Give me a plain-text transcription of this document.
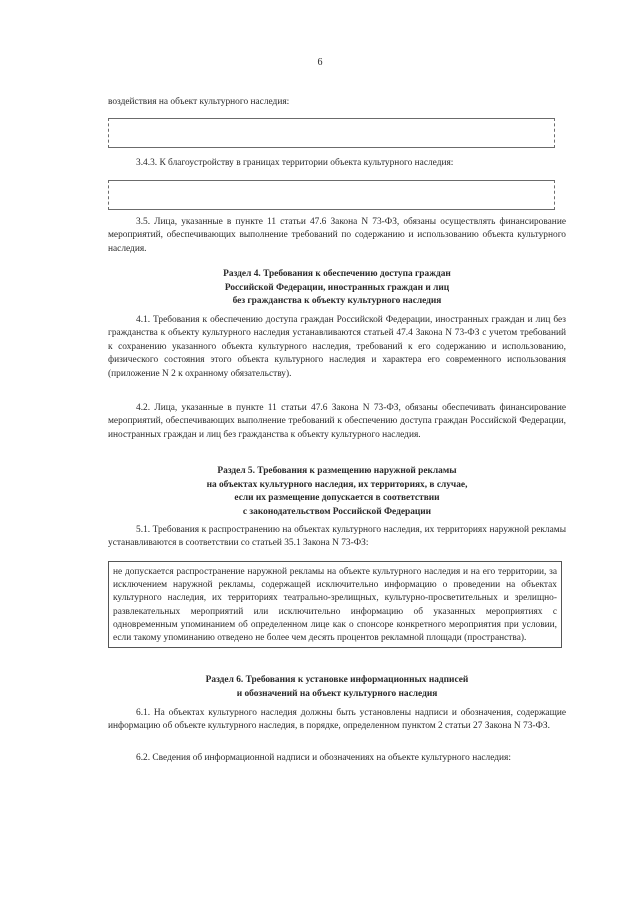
6
воздействия на объект культурного наследия:
3.4.3. К благоустройству в границах территории объекта культурного наследия:

3.5. Лица, указанные в пункте 11 статьи 47.6 Закона N 73-ФЗ, обязаны осуществлять финансирование мероприятий, обеспечивающих выполнение требований по содержанию и использованию объекта культурного наследия.

Раздел 4. Требования к обеспечению доступа граждан
Российской Федерации, иностранных граждан и лиц
без гражданства к объекту культурного наследия

4.1. Требования к обеспечению доступа граждан Российской Федерации, иностранных граждан и лиц без гражданства к объекту культурного наследия устанавливаются статьей 47.4 Закона N 73-ФЗ с учетом требований к сохранению указанного объекта культурного наследия, требований к его содержанию и использованию, физического состояния этого объекта культурного наследия и характера его современного использования (приложение N 2 к охранному обязательству).

4.2. Лица, указанные в пункте 11 статьи 47.6 Закона N 73-ФЗ, обязаны обеспечивать финансирование мероприятий, обеспечивающих выполнение требований к обеспечению доступа граждан Российской Федерации, иностранных граждан и лиц без гражданства к объекту культурного наследия.

Раздел 5. Требования к размещению наружной рекламы
на объектах культурного наследия, их территориях, в случае,
если их размещение допускается в соответствии
с законодательством Российской Федерации

5.1. Требования к распространению на объектах культурного наследия, их территориях наружной рекламы устанавливаются в соответствии со статьей 35.1 Закона N 73-ФЗ:

не допускается распространение наружной рекламы на объекте культурного наследия и на его территории, за исключением наружной рекламы, содержащей исключительно информацию о проведении на объектах культурного наследия, их территориях театрально-зрелищных, культурно-просветительных и зрелищно-развлекательных мероприятий или исключительно информацию об указанных мероприятиях с одновременным упоминанием об определенном лице как о спонсоре конкретного мероприятия при условии, если такому упоминанию отведено не более чем десять процентов рекламной площади (пространства).

Раздел 6. Требования к установке информационных надписей
и обозначений на объект культурного наследия

6.1. На объектах культурного наследия должны быть установлены надписи и обозначения, содержащие информацию об объекте культурного наследия, в порядке, определенном пунктом 2 статьи 27 Закона N 73-ФЗ.

6.2. Сведения об информационной надписи и обозначениях на объекте культурного наследия:
